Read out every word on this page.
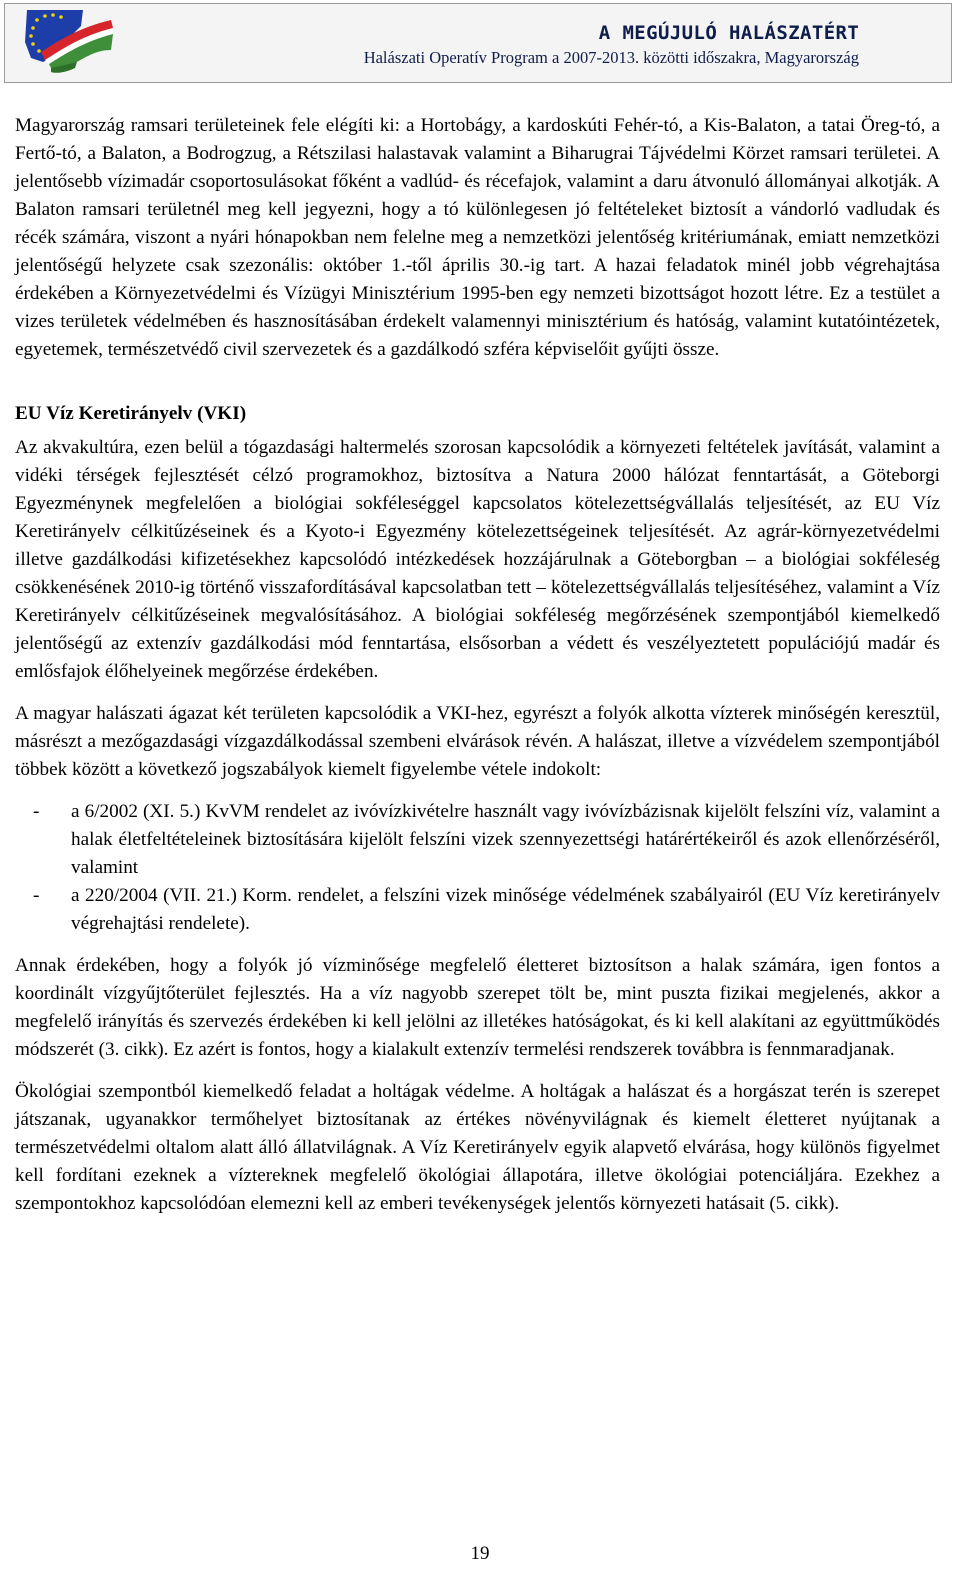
A MEGÚJULÓ HALÁSZATÉRT
Halászati Operatív Program a 2007-2013. közötti időszakra, Magyarország

Magyarország ramsari területeinek fele elégíti ki: a Hortobágy, a kardoskúti Fehér-tó, a Kis-Balaton, a tatai Öreg-tó, a Fertő-tó, a Balaton, a Bodrogzug, a Rétszilasi halastavak valamint a Biharugrai Tájvédelmi Körzet ramsari területei. A jelentősebb vízimadár csoportosulásokat főként a vadlúd- és récefajok, valamint a daru átvonuló állományai alkotják. A Balaton ramsari területnél meg kell jegyezni, hogy a tó különlegesen jó feltételeket biztosít a vándorló vadludak és récék számára, viszont a nyári hónapokban nem felelne meg a nemzetközi jelentőség kritériumának, emiatt nemzetközi jelentőségű helyzete csak szezonális: október 1.-től április 30.-ig tart. A hazai feladatok minél jobb végrehajtása érdekében a Környezetvédelmi és Vízügyi Minisztérium 1995-ben egy nemzeti bizottságot hozott létre. Ez a testület a vizes területek védelmében és hasznosításában érdekelt valamennyi minisztérium és hatóság, valamint kutatóintézetek, egyetemek, természetvédő civil szervezetek és a gazdálkodó szféra képviselőit gyűjti össze.

EU Víz Keretirányelv (VKI)

Az akvakultúra, ezen belül a tógazdasági haltermelés szorosan kapcsolódik a környezeti feltételek javítását, valamint a vidéki térségek fejlesztését célzó programokhoz, biztosítva a Natura 2000 hálózat fenntartását, a Göteborgi Egyezménynek megfelelően a biológiai sokféleséggel kapcsolatos kötelezettségvállalás teljesítését, az EU Víz Keretirányelv célkitűzéseinek és a Kyoto-i Egyezmény kötelezettségeinek teljesítését. Az agrár-környezetvédelmi illetve gazdálkodási kifizetésekhez kapcsolódó intézkedések hozzájárulnak a Göteborgban – a biológiai sokféleség csökkenésének 2010-ig történő visszafordításával kapcsolatban tett – kötelezettségvállalás teljesítéséhez, valamint a Víz Keretirányelv célkitűzéseinek megvalósításához. A biológiai sokféleség megőrzésének szempontjából kiemelkedő jelentőségű az extenzív gazdálkodási mód fenntartása, elsősorban a védett és veszélyeztetett populációjú madár és emlősfajok élőhelyeinek megőrzése érdekében.

A magyar halászati ágazat két területen kapcsolódik a VKI-hez, egyrészt a folyók alkotta vízterek minőségén keresztül, másrészt a mezőgazdasági vízgazdálkodással szembeni elvárások révén. A halászat, illetve a vízvédelem szempontjából többek között a következő jogszabályok kiemelt figyelembe vétele indokolt:

- a 6/2002 (XI. 5.) KvVM rendelet az ivóvízkivételre használt vagy ivóvízbázisnak kijelölt felszíni víz, valamint a halak életfeltételeinek biztosítására kijelölt felszíni vizek szennyezettségi határértékeiről és azok ellenőrzéséről, valamint
- a 220/2004 (VII. 21.) Korm. rendelet, a felszíni vizek minősége védelmének szabályairól (EU Víz keretirányelv végrehajtási rendelete).

Annak érdekében, hogy a folyók jó vízminősége megfelelő életteret biztosítson a halak számára, igen fontos a koordinált vízgyűjtőterület fejlesztés. Ha a víz nagyobb szerepet tölt be, mint puszta fizikai megjelenés, akkor a megfelelő irányítás és szervezés érdekében ki kell jelölni az illetékes hatóságokat, és ki kell alakítani az együttműködés módszerét (3. cikk). Ez azért is fontos, hogy a kialakult extenzív termelési rendszerek továbbra is fennmaradjanak.

Ökológiai szempontból kiemelkedő feladat a holtágak védelme. A holtágak a halászat és a horgászat terén is szerepet játszanak, ugyanakkor termőhelyet biztosítanak az értékes növényvilágnak és kiemelt életteret nyújtanak a természetvédelmi oltalom alatt álló állatvilágnak. A Víz Keretirányelv egyik alapvető elvárása, hogy különös figyelmet kell fordítani ezeknek a víztereknek megfelelő ökológiai állapotára, illetve ökológiai potenciáljára. Ezekhez a szempontokhoz kapcsolódóan elemezni kell az emberi tevékenységek jelentős környezeti hatásait (5. cikk).

19
